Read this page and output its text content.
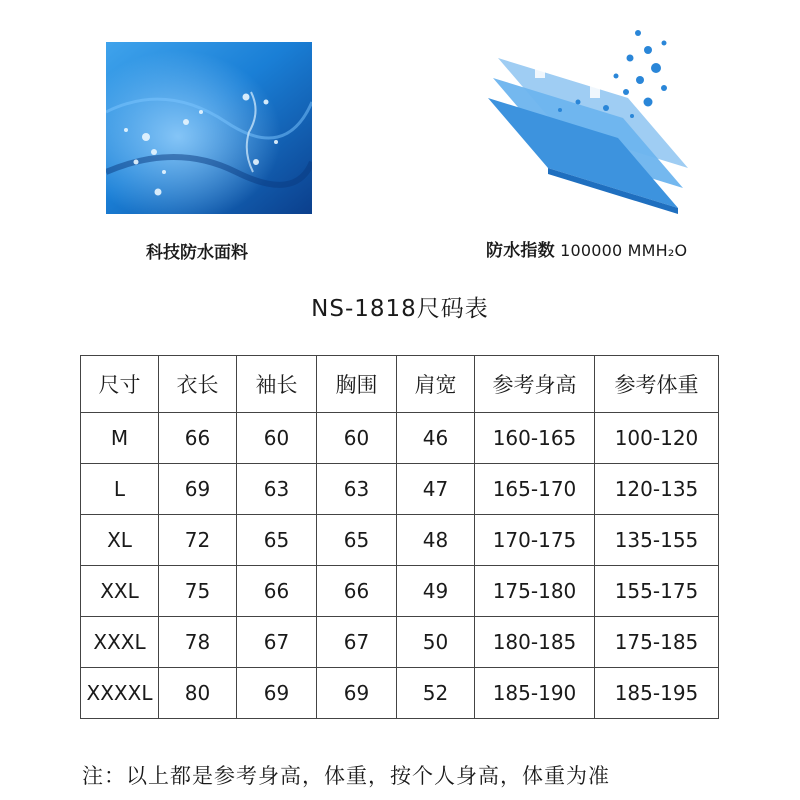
科技防水面料	防水指数 100000 MMH₂O
NS-1818尺码表
尺寸	衣长	袖长	胸围	肩宽	参考身高	参考体重
M	66	60	60	46	160-165	100-120
L	69	63	63	47	165-170	120-135
XL	72	65	65	48	170-175	135-155
XXL	75	66	66	49	175-180	155-175
XXXL	78	67	67	50	180-185	175-185
XXXXL	80	69	69	52	185-190	185-195
注：以上都是参考身高，体重，按个人身高，体重为准
